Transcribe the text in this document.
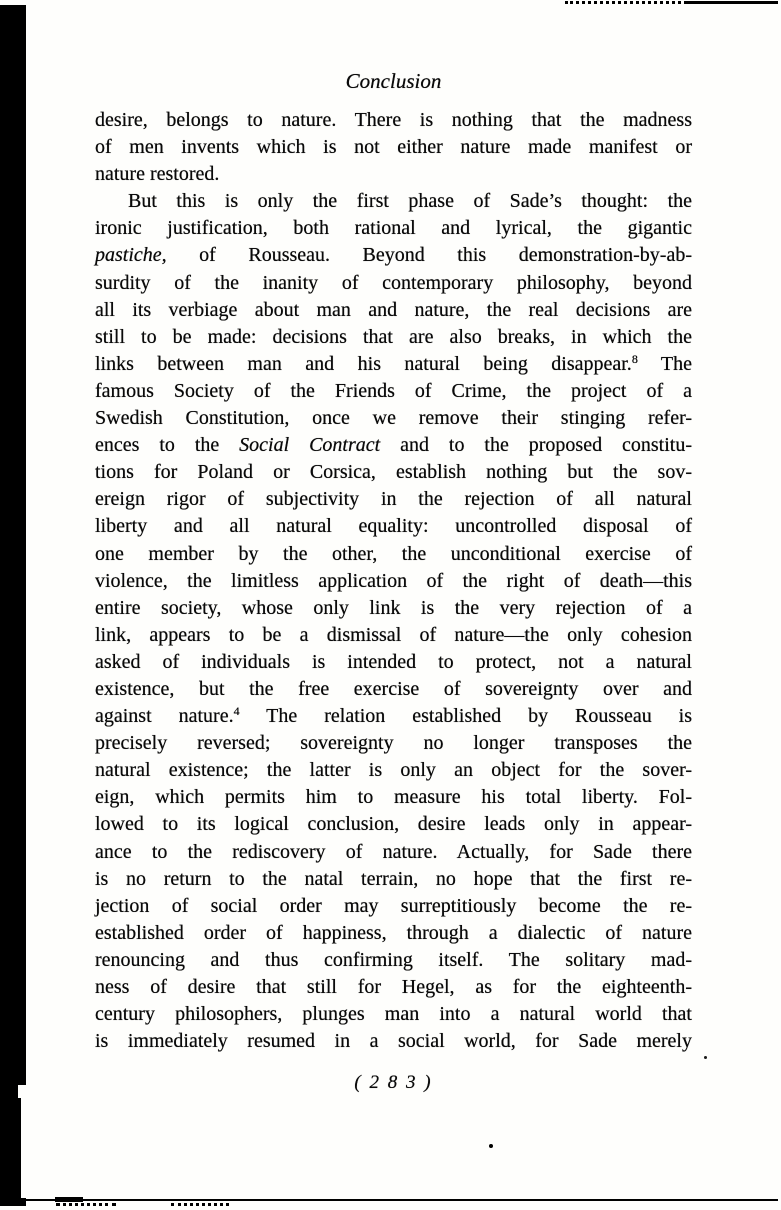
Conclusion
desire, belongs to nature. There is nothing that the madness
of men invents which is not either nature made manifest or
nature restored.
But this is only the first phase of Sade’s thought: the
ironic justification, both rational and lyrical, the gigantic
pastiche, of Rousseau. Beyond this demonstration-by-ab-
surdity of the inanity of contemporary philosophy, beyond
all its verbiage about man and nature, the real decisions are
still to be made: decisions that are also breaks, in which the
links between man and his natural being disappear.$^8$ The
famous Society of the Friends of Crime, the project of a
Swedish Constitution, once we remove their stinging refer-
ences to the Social Contract and to the proposed constitu-
tions for Poland or Corsica, establish nothing but the sov-
ereign rigor of subjectivity in the rejection of all natural
liberty and all natural equality: uncontrolled disposal of
one member by the other, the unconditional exercise of
violence, the limitless application of the right of death—this
entire society, whose only link is the very rejection of a
link, appears to be a dismissal of nature—the only cohesion
asked of individuals is intended to protect, not a natural
existence, but the free exercise of sovereignty over and
against nature.$^4$ The relation established by Rousseau is
precisely reversed; sovereignty no longer transposes the
natural existence; the latter is only an object for the sover-
eign, which permits him to measure his total liberty. Fol-
lowed to its logical conclusion, desire leads only in appear-
ance to the rediscovery of nature. Actually, for Sade there
is no return to the natal terrain, no hope that the first re-
jection of social order may surreptitiously become the re-
established order of happiness, through a dialectic of nature
renouncing and thus confirming itself. The solitary mad-
ness of desire that still for Hegel, as for the eighteenth-
century philosophers, plunges man into a natural world that
is immediately resumed in a social world, for Sade merely
( 2 8 3 )
